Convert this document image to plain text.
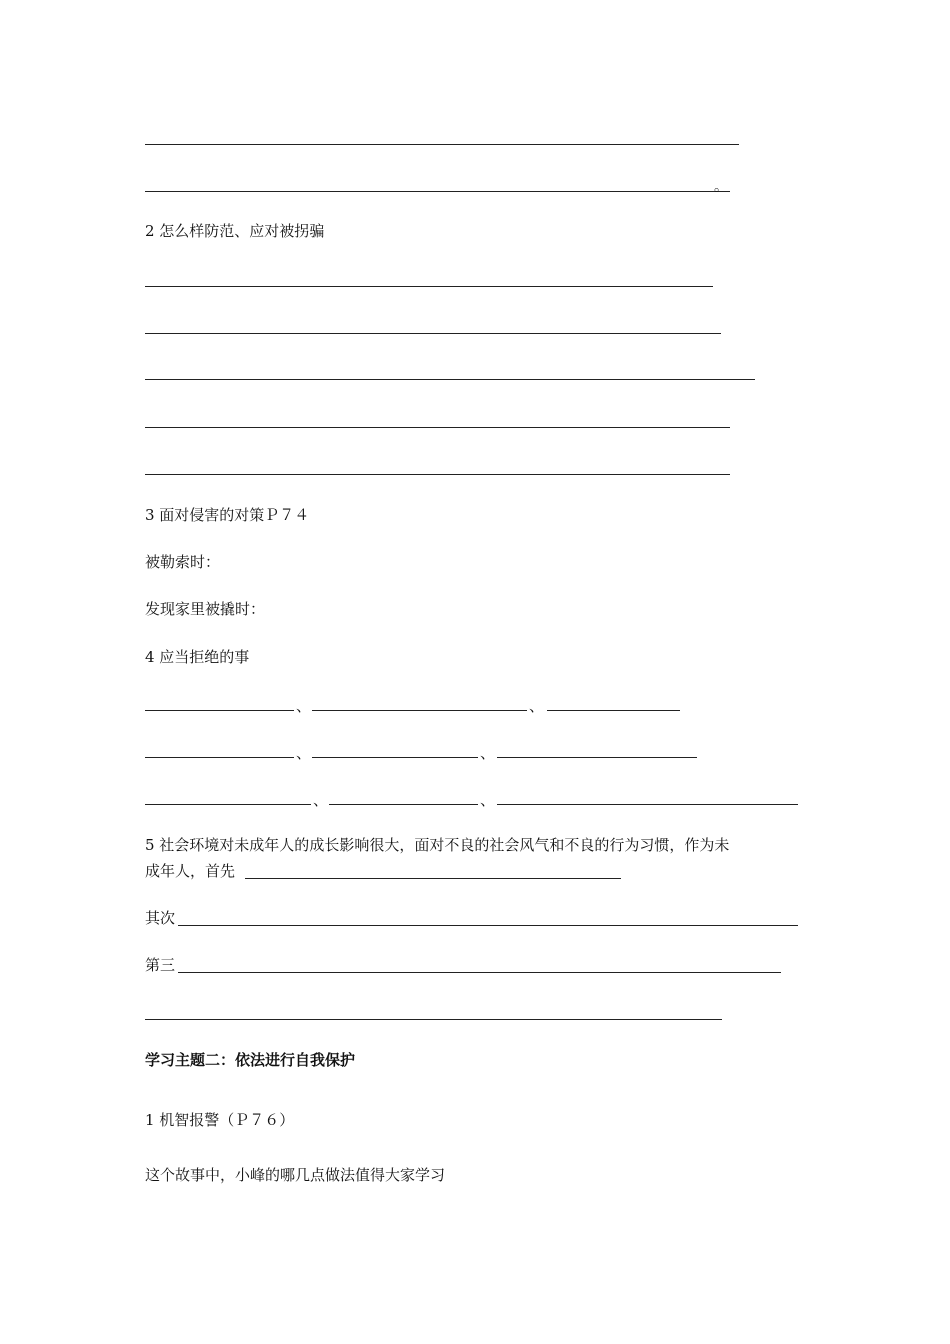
。
2 怎么样防范、应对被拐骗
3 面对侵害的对策Ｐ７４
被勒索时：
发现家里被撬时：
4 应当拒绝的事
、	、
、	、
、	、
5 社会环境对未成年人的成长影响很大，面对不良的社会风气和不良的行为习惯，作为未
成年人，首先
其次
第三
学习主题二：依法进行自我保护
1 机智报警（Ｐ７６）
这个故事中，小峰的哪几点做法值得大家学习
